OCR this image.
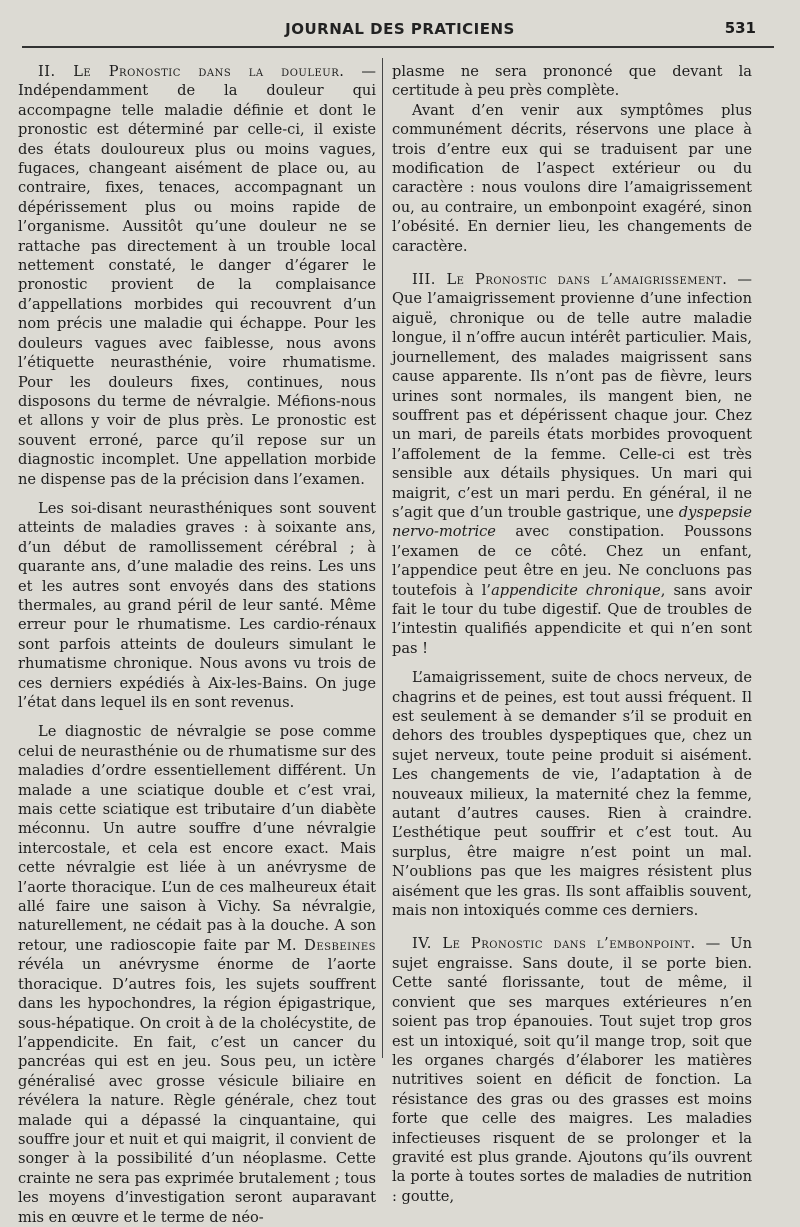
JOURNAL DES PRATICIENS	531

II. Le Pronostic dans la douleur. — Indépendamment de la douleur qui accompagne telle maladie définie et dont le pronostic est déterminé par celle-ci, il existe des états douloureux plus ou moins vagues, fugaces, changeant aisément de place ou, au contraire, fixes, tenaces, accompagnant un dépérissement plus ou moins rapide de l’organisme. Aussitôt qu’une douleur ne se rattache pas directement à un trouble local nettement constaté, le danger d’égarer le pronostic provient de la complaisance d’appellations morbides qui recouvrent d’un nom précis une maladie qui échappe. Pour les douleurs vagues avec faiblesse, nous avons l’étiquette neurasthénie, voire rhumatisme. Pour les douleurs fixes, continues, nous disposons du terme de névralgie. Méfions-nous et allons y voir de plus près. Le pronostic est souvent erroné, parce qu’il repose sur un diagnostic incomplet. Une appellation morbide ne dispense pas de la précision dans l’examen.

Les soi-disant neurasthéniques sont souvent atteints de maladies graves : à soixante ans, d’un début de ramollissement cérébral ; à quarante ans, d’une maladie des reins. Les uns et les autres sont envoyés dans des stations thermales, au grand péril de leur santé. Même erreur pour le rhumatisme. Les cardio-rénaux sont parfois atteints de douleurs simulant le rhumatisme chronique. Nous avons vu trois de ces derniers expédiés à Aix-les-Bains. On juge l’état dans lequel ils en sont revenus.

Le diagnostic de névralgie se pose comme celui de neurasthénie ou de rhumatisme sur des maladies d’ordre essentiellement différent. Un malade a une sciatique double et c’est vrai, mais cette sciatique est tributaire d’un diabète méconnu. Un autre souffre d’une névralgie intercostale, et cela est encore exact. Mais cette névralgie est liée à un anévrysme de l’aorte thoracique. L’un de ces malheureux était allé faire une saison à Vichy. Sa névralgie, naturellement, ne cédait pas à la douche. A son retour, une radioscopie faite par M. Desbeines révéla un anévrysme énorme de l’aorte thoracique. D’autres fois, les sujets souffrent dans les hypochondres, la région épigastrique, sous-hépatique. On croit à de la cholécystite, de l’appendicite. En fait, c’est un cancer du pancréas qui est en jeu. Sous peu, un ictère généralisé avec grosse vésicule biliaire en révélera la nature. Règle générale, chez tout malade qui a dépassé la cinquantaine, qui souffre jour et nuit et qui maigrit, il convient de songer à la possibilité d’un néoplasme. Cette crainte ne sera pas exprimée brutalement ; tous les moyens d’investigation seront auparavant mis en œuvre et le terme de néo-

plasme ne sera prononcé que devant la certitude à peu près complète.

Avant d’en venir aux symptômes plus communément décrits, réservons une place à trois d’entre eux qui se traduisent par une modification de l’aspect extérieur ou du caractère : nous voulons dire l’amaigrissement ou, au contraire, un embonpoint exagéré, sinon l’obésité. En dernier lieu, les changements de caractère.

III. Le Pronostic dans l’amaigrissement. — Que l’amaigrissement provienne d’une infection aiguë, chronique ou de telle autre maladie longue, il n’offre aucun intérêt particulier. Mais, journellement, des malades maigrissent sans cause apparente. Ils n’ont pas de fièvre, leurs urines sont normales, ils mangent bien, ne souffrent pas et dépérissent chaque jour. Chez un mari, de pareils états morbides provoquent l’affolement de la femme. Celle-ci est très sensible aux détails physiques. Un mari qui maigrit, c’est un mari perdu. En général, il ne s’agit que d’un trouble gastrique, une dyspepsie nervo-motrice avec constipation. Poussons l’examen de ce côté. Chez un enfant, l’appendice peut être en jeu. Ne concluons pas toutefois à l’appendicite chronique, sans avoir fait le tour du tube digestif. Que de troubles de l’intestin qualifiés appendicite et qui n’en sont pas !

L’amaigrissement, suite de chocs nerveux, de chagrins et de peines, est tout aussi fréquent. Il est seulement à se demander s’il se produit en dehors des troubles dyspeptiques que, chez un sujet nerveux, toute peine produit si aisément. Les changements de vie, l’adaptation à de nouveaux milieux, la maternité chez la femme, autant d’autres causes. Rien à craindre. L’esthétique peut souffrir et c’est tout. Au surplus, être maigre n’est point un mal. N’oublions pas que les maigres résistent plus aisément que les gras. Ils sont affaiblis souvent, mais non intoxiqués comme ces derniers.

IV. Le Pronostic dans l’embonpoint. — Un sujet engraisse. Sans doute, il se porte bien. Cette santé florissante, tout de même, il convient que ses marques extérieures n’en soient pas trop épanouies. Tout sujet trop gros est un intoxiqué, soit qu’il mange trop, soit que les organes chargés d’élaborer les matières nutritives soient en déficit de fonction. La résistance des gras ou des grasses est moins forte que celle des maigres. Les maladies infectieuses risquent de se prolonger et la gravité est plus grande. Ajoutons qu’ils ouvrent la porte à toutes sortes de maladies de nutrition : goutte,
